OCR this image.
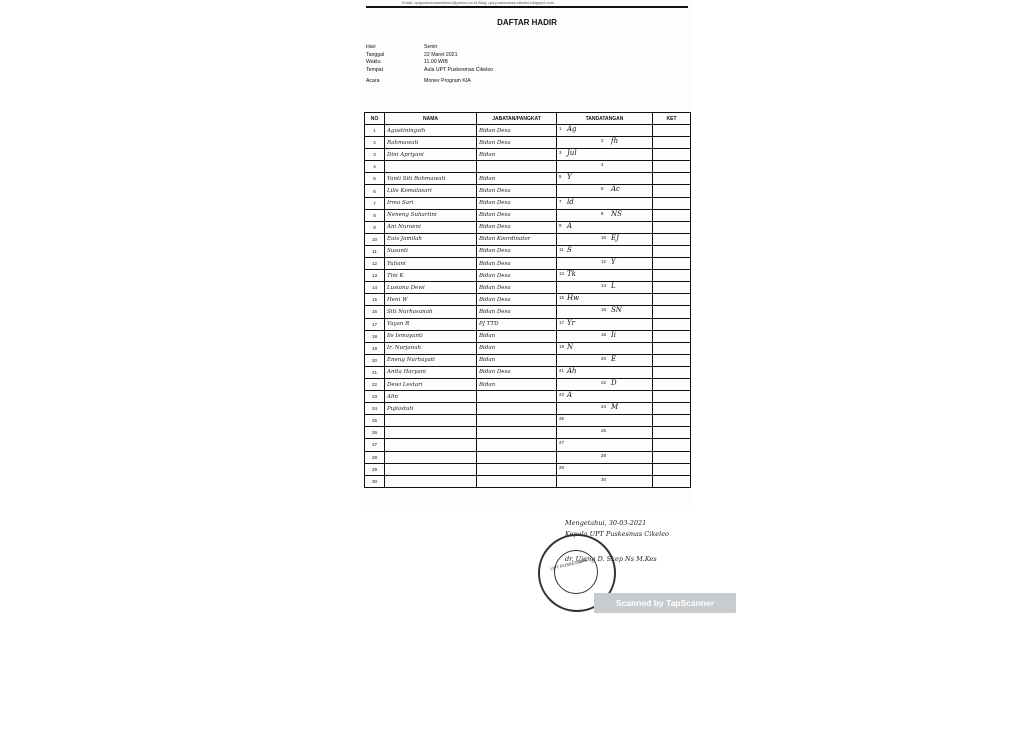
Email: uptpuskesmascikeleo@yahoo.co.id Blog: upt-puskesmas-cikeleo.blogspot.com
DAFTAR HADIR
Hari	Senin
Tanggal	22 Maret 2021
Waktu	11.00 WIB
Tempat	Aula UPT Puskesmas Cikeleo
Acara	Monev Program KIA
NO	NAMA	JABATAN/PANGKAT	TANDATANGAN	KET
1	Agustiningsih	Bidan Desa	1 Ag	

2	Rahmawati	Bidan Desa	2 fh	

3	Dini Apriyani	Bidan	3 Jul	

4			4	

5	Yanti Siti Rohmawati	Bidan	5 Y	

6	Lilis Komalasari	Bidan Desa	6 Ac	

7	Irma Sari	Bidan Desa	7 ld	

8	Neneng Suhartini	Bidan Desa	8 NS	

9	Ani Nuraeni	Bidan Desa	9 A	

10	Euis Jamilah	Bidan Koordinator	10 EJ	

11	Susanti	Bidan Desa	11 S	

12	Yuliani	Bidan Desa	12 Y	

13	Tini K	Bidan Desa	13 Tk	

14	Lusiana Dewi	Bidan Desa	14 L	

15	Heni W	Bidan Desa	15 Hw	

16	Siti Nurhasanah	Bidan Desa	16 SN	

17	Yayan R	PJ TTD	17 Yr	

18	Iis Ismayanti	Bidan	18 Ii	

19	Ir. Nurjanah	Bidan	19 N	

20	Eneng Nurhayati	Bidan	20 E	

21	Anita Haryani	Bidan Desa	21 Ah	

22	Dewi Lestari	Bidan	22 D	

23	Alin		23 A	

24	Pujiastuti		24 M	

25			25	

26			26	

27			27	

28			28	

29			29	

30			30	

Mengetahui, 30-03-2021
Kepala UPT Puskesmas Cikeleo
dr. Ujang D. Skep Ns M.Kes
UPT PUSKESMAS
Scanned by TapScanner
